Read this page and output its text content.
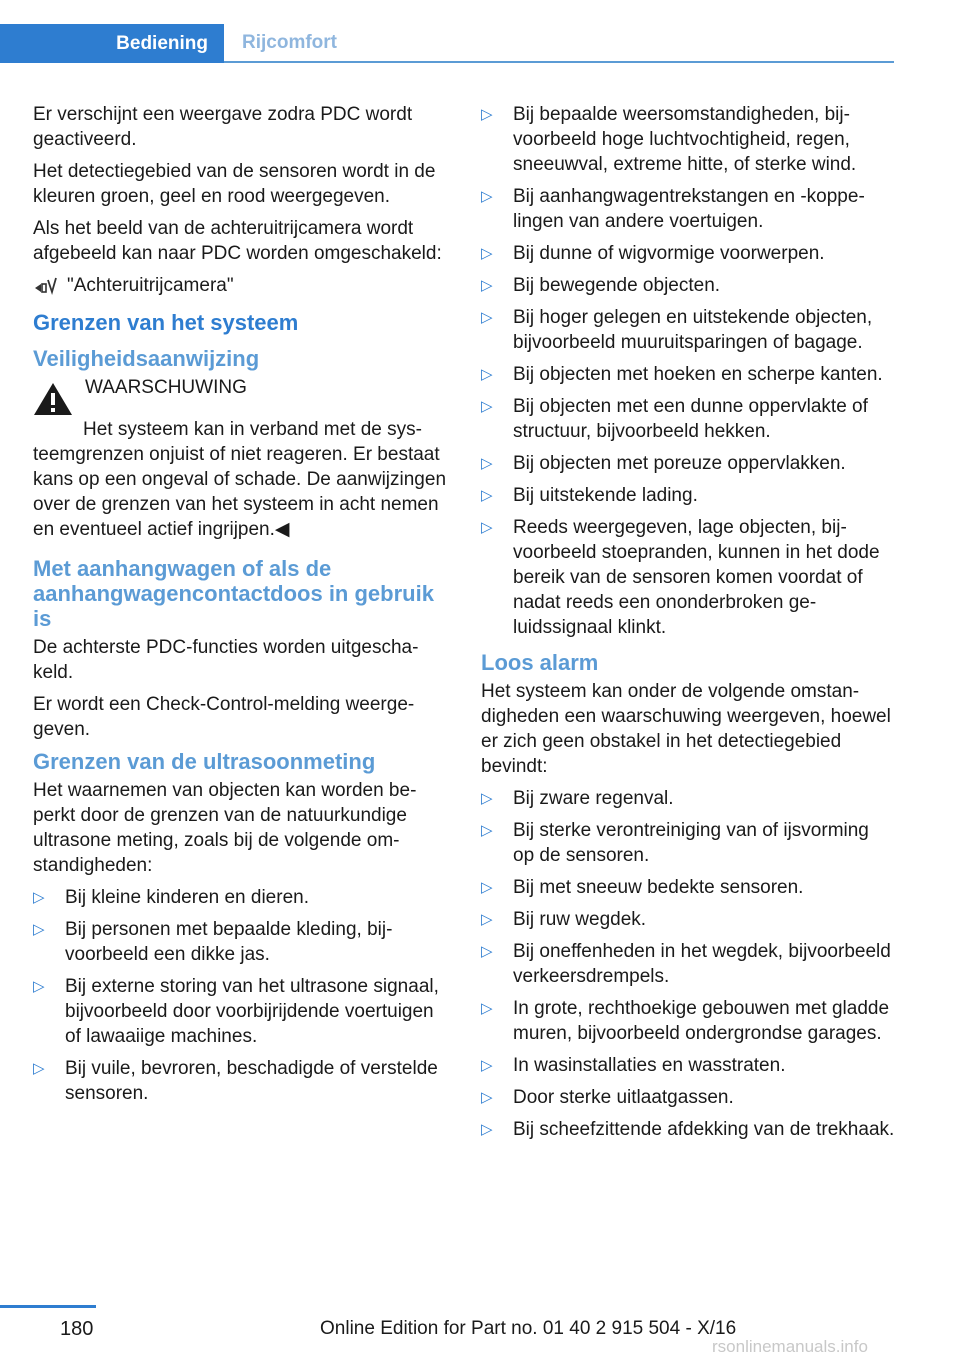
Bediening	Rijcomfort

Er verschijnt een weergave zodra PDC wordt geactiveerd.

Het detectiegebied van de sensoren wordt in de kleuren groen, geel en rood weergegeven.

Als het beeld van de achteruitrijcamera wordt afgebeeld kan naar PDC worden omgeschakeld:

"Achteruitrijcamera"
Grenzen van het systeem
Veiligheidsaanwijzing

WAARSCHUWING

Het systeem kan in verband met de systeemgrenzen onjuist of niet reageren. Er bestaat kans op een ongeval of schade. De aanwijzingen over de grenzen van het systeem in acht nemen en eventueel actief ingrijpen.◀

Met aanhangwagen of als de aanhangwagencontactdoos in gebruik is

De achterste PDC-functies worden uitgeschakeld.

Er wordt een Check-Control-melding weergegeven.

Grenzen van de ultrasoonmeting

Het waarnemen van objecten kan worden beperkt door de grenzen van de natuurkundige ultrasone meting, zoals bij de volgende omstandigheden:

▷ Bij kleine kinderen en dieren.
▷ Bij personen met bepaalde kleding, bijvoorbeeld een dikke jas.
▷ Bij externe storing van het ultrasone signaal, bijvoorbeeld door voorbijrijdende voertuigen of lawaaiige machines.
▷ Bij vuile, bevroren, beschadigde of verstelde sensoren.
▷ Bij bepaalde weersomstandigheden, bijvoorbeeld hoge luchtvochtigheid, regen, sneeuwval, extreme hitte, of sterke wind.
▷ Bij aanhangwagentrekstangen en -koppelingen van andere voertuigen.
▷ Bij dunne of wigvormige voorwerpen.
▷ Bij bewegende objecten.
▷ Bij hoger gelegen en uitstekende objecten, bijvoorbeeld muuruitsparingen of bagage.
▷ Bij objecten met hoeken en scherpe kanten.
▷ Bij objecten met een dunne oppervlakte of structuur, bijvoorbeeld hekken.
▷ Bij objecten met poreuze oppervlakken.
▷ Bij uitstekende lading.
▷ Reeds weergegeven, lage objecten, bijvoorbeeld stoepranden, kunnen in het dode bereik van de sensoren komen voordat of nadat reeds een ononderbroken geluidssignaal klinkt.
Loos alarm

Het systeem kan onder de volgende omstandigheden een waarschuwing weergeven, hoewel er zich geen obstakel in het detectiegebied bevindt:

▷ Bij zware regenval.
▷ Bij sterke verontreiniging van of ijsvorming op de sensoren.
▷ Bij met sneeuw bedekte sensoren.
▷ Bij ruw wegdek.
▷ Bij oneffenheden in het wegdek, bijvoorbeeld verkeersdrempels.
▷ In grote, rechthoekige gebouwen met gladde muren, bijvoorbeeld ondergrondse garages.
▷ In wasinstallaties en wasstraten.
▷ Door sterke uitlaatgassen.
▷ Bij scheefzittende afdekking van de trekhaak.
180	Online Edition for Part no. 01 40 2 915 504 - X/16
rsonlinemanuals.info
